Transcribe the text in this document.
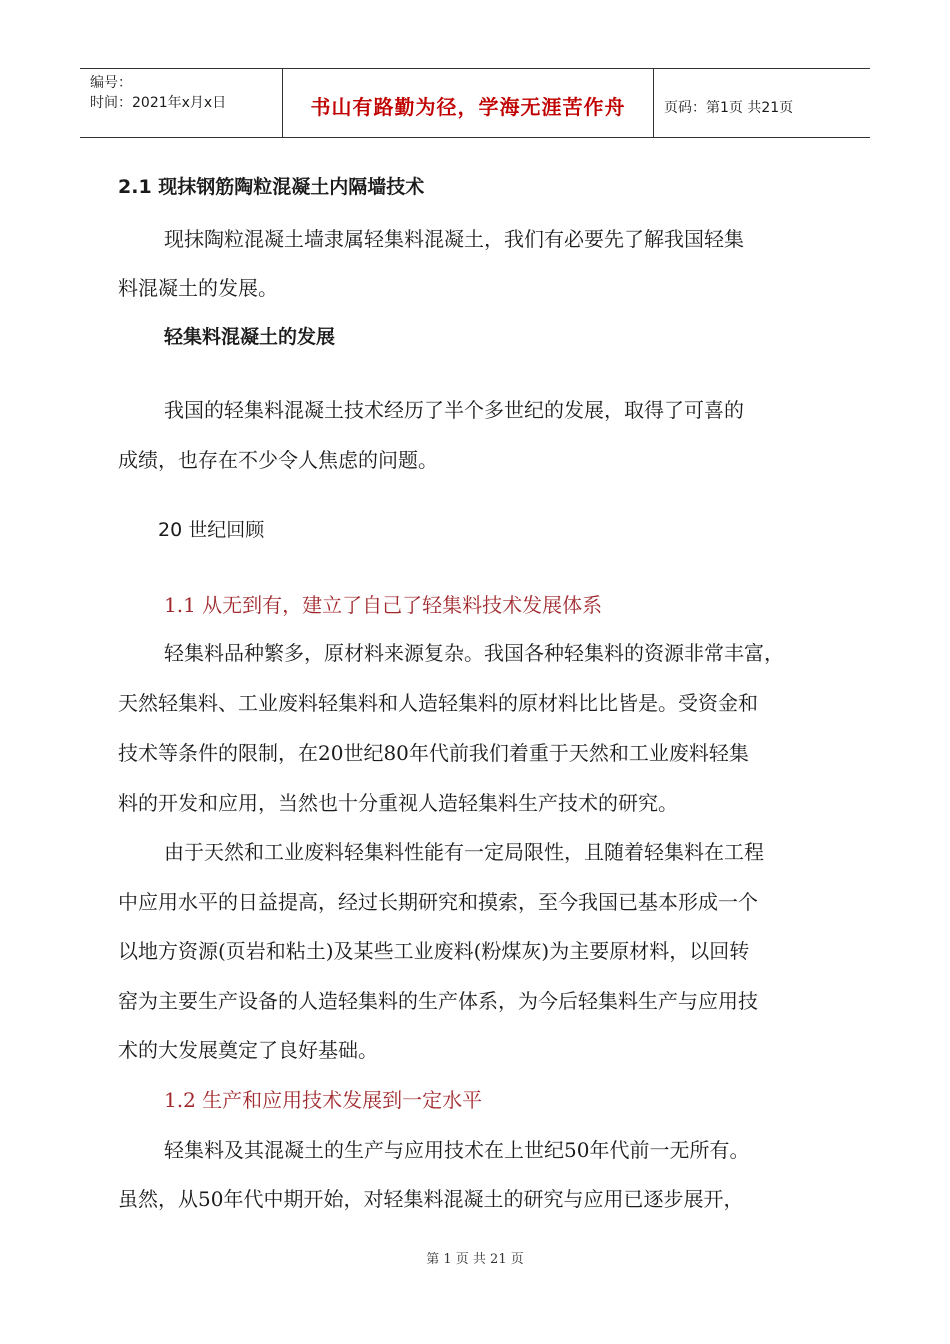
编号：
时间：2021年x月x日	书山有路勤为径，学海无涯苦作舟	页码：第1页 共21页
2.1 现抹钢筋陶粒混凝土内隔墙技术
现抹陶粒混凝土墙隶属轻集料混凝土，我们有必要先了解我国轻集
料混凝土的发展。
轻集料混凝土的发展
我国的轻集料混凝土技术经历了半个多世纪的发展，取得了可喜的
成绩，也存在不少令人焦虑的问题。
20 世纪回顾
1.1 从无到有，建立了自己了轻集料技术发展体系
轻集料品种繁多，原材料来源复杂。我国各种轻集料的资源非常丰富，
天然轻集料、工业废料轻集料和人造轻集料的原材料比比皆是。受资金和
技术等条件的限制，在20世纪80年代前我们着重于天然和工业废料轻集
料的开发和应用，当然也十分重视人造轻集料生产技术的研究。
由于天然和工业废料轻集料性能有一定局限性，且随着轻集料在工程
中应用水平的日益提高，经过长期研究和摸索，至今我国已基本形成一个
以地方资源(页岩和粘土)及某些工业废料(粉煤灰)为主要原材料，以回转
窑为主要生产设备的人造轻集料的生产体系，为今后轻集料生产与应用技
术的大发展奠定了良好基础。
1.2 生产和应用技术发展到一定水平
轻集料及其混凝土的生产与应用技术在上世纪50年代前一无所有。
虽然，从50年代中期开始，对轻集料混凝土的研究与应用已逐步展开，
第 1 页 共 21 页
